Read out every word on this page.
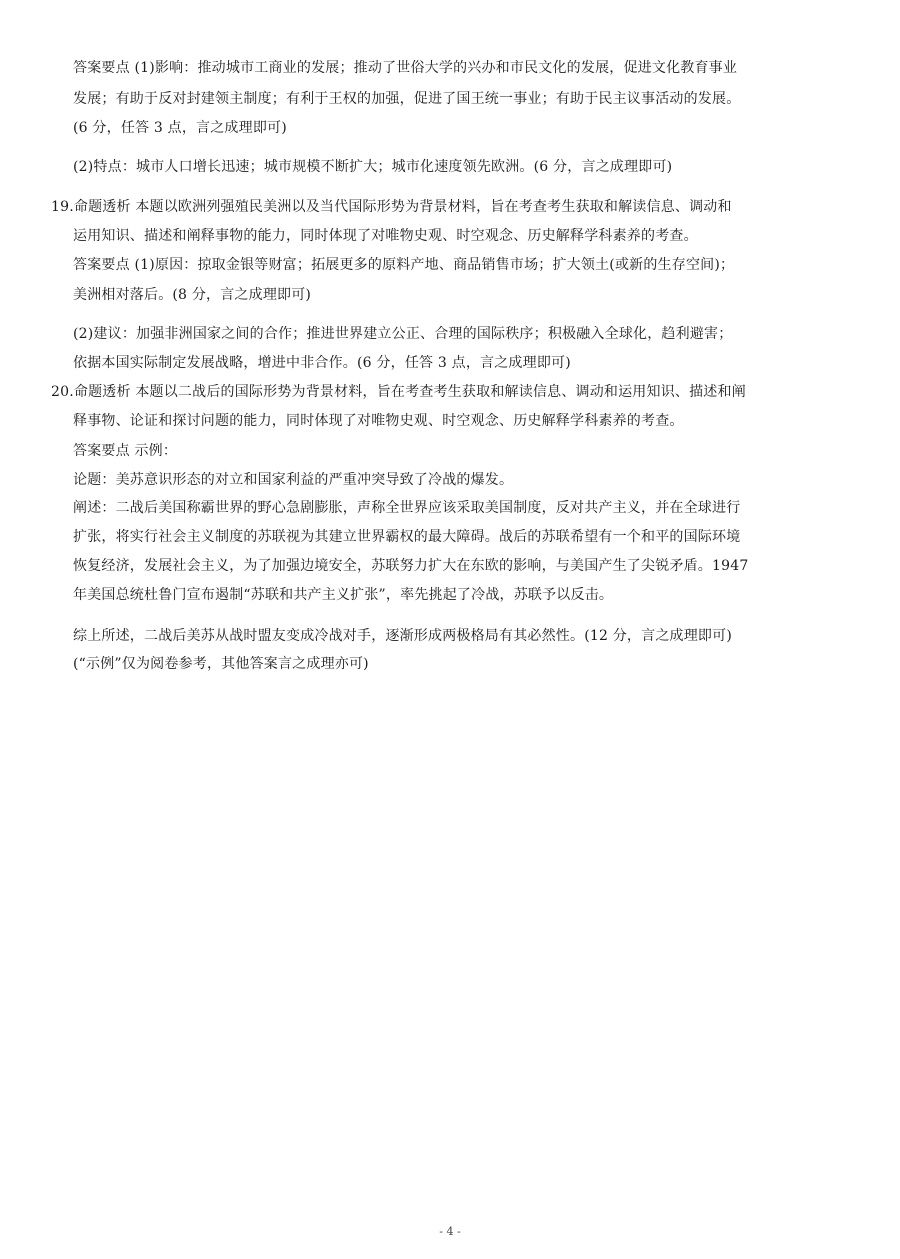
答案要点 (1)影响：推动城市工商业的发展；推动了世俗大学的兴办和市民文化的发展，促进文化教育事业
发展；有助于反对封建领主制度；有利于王权的加强，促进了国王统一事业；有助于民主议事活动的发展。
(6 分，任答 3 点，言之成理即可)
(2)特点：城市人口增长迅速；城市规模不断扩大；城市化速度领先欧洲。(6 分，言之成理即可)
19.命题透析 本题以欧洲列强殖民美洲以及当代国际形势为背景材料，旨在考查考生获取和解读信息、调动和
运用知识、描述和阐释事物的能力，同时体现了对唯物史观、时空观念、历史解释学科素养的考查。
答案要点 (1)原因：掠取金银等财富；拓展更多的原料产地、商品销售市场；扩大领土(或新的生存空间)；
美洲相对落后。(8 分，言之成理即可)
(2)建议：加强非洲国家之间的合作；推进世界建立公正、合理的国际秩序；积极融入全球化，趋利避害；
依据本国实际制定发展战略，增进中非合作。(6 分，任答 3 点，言之成理即可)
20.命题透析 本题以二战后的国际形势为背景材料，旨在考查考生获取和解读信息、调动和运用知识、描述和阐
释事物、论证和探讨问题的能力，同时体现了对唯物史观、时空观念、历史解释学科素养的考查。
答案要点 示例：
论题：美苏意识形态的对立和国家利益的严重冲突导致了冷战的爆发。
阐述：二战后美国称霸世界的野心急剧膨胀，声称全世界应该采取美国制度，反对共产主义，并在全球进行
扩张，将实行社会主义制度的苏联视为其建立世界霸权的最大障碍。战后的苏联希望有一个和平的国际环境
恢复经济，发展社会主义，为了加强边境安全，苏联努力扩大在东欧的影响，与美国产生了尖锐矛盾。1947
年美国总统杜鲁门宣布遏制“苏联和共产主义扩张”，率先挑起了冷战，苏联予以反击。
综上所述，二战后美苏从战时盟友变成冷战对手，逐渐形成两极格局有其必然性。(12 分，言之成理即可)
(“示例”仅为阅卷参考，其他答案言之成理亦可)
- 4 -
